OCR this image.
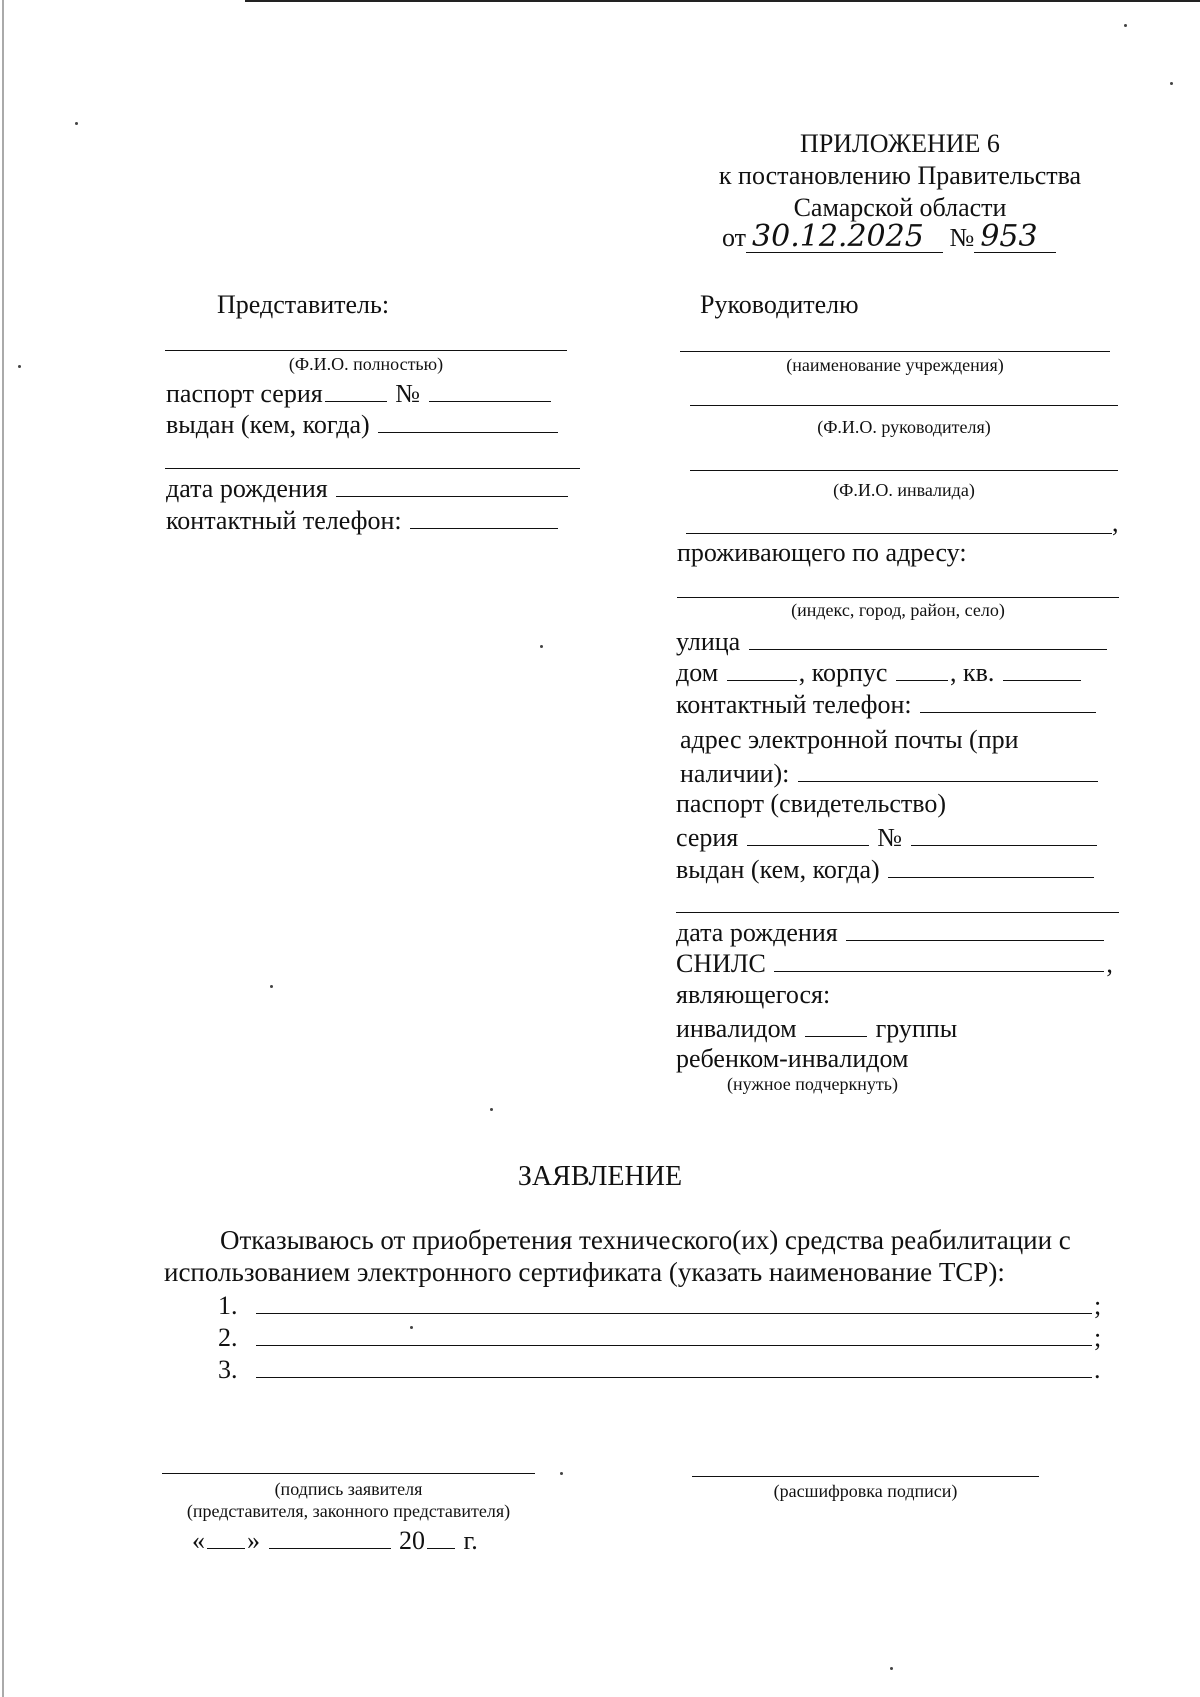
ПРИЛОЖЕНИЕ 6
к постановлению Правительства
Самарской области
от 30.12.2025 № 953
Представитель:
(Ф.И.О. полностью)
паспорт серия	№
выдан (кем, когда)
дата рождения
контактный телефон:
Руководителю
(наименование учреждения)
(Ф.И.О. руководителя)
(Ф.И.О. инвалида)
,
проживающего по адресу:
(индекс, город, район, село)
улица
дом	, корпус , кв.
контактный телефон:
адрес электронной почты (при
наличии):
паспорт (свидетельство)
серия	№
выдан (кем, когда)
дата рождения
СНИЛС	,
являющегося:
инвалидом	группы
ребенком-инвалидом
(нужное подчеркнуть)
ЗАЯВЛЕНИЕ
Отказываюсь от приобретения технического(их) средства реабилитации с
использованием электронного сертификата (указать наименование ТСР):
1.	;
2.	;
3.	.
(подпись заявителя
(представителя, законного представителя)
(расшифровка подписи)
« »	20 г.
